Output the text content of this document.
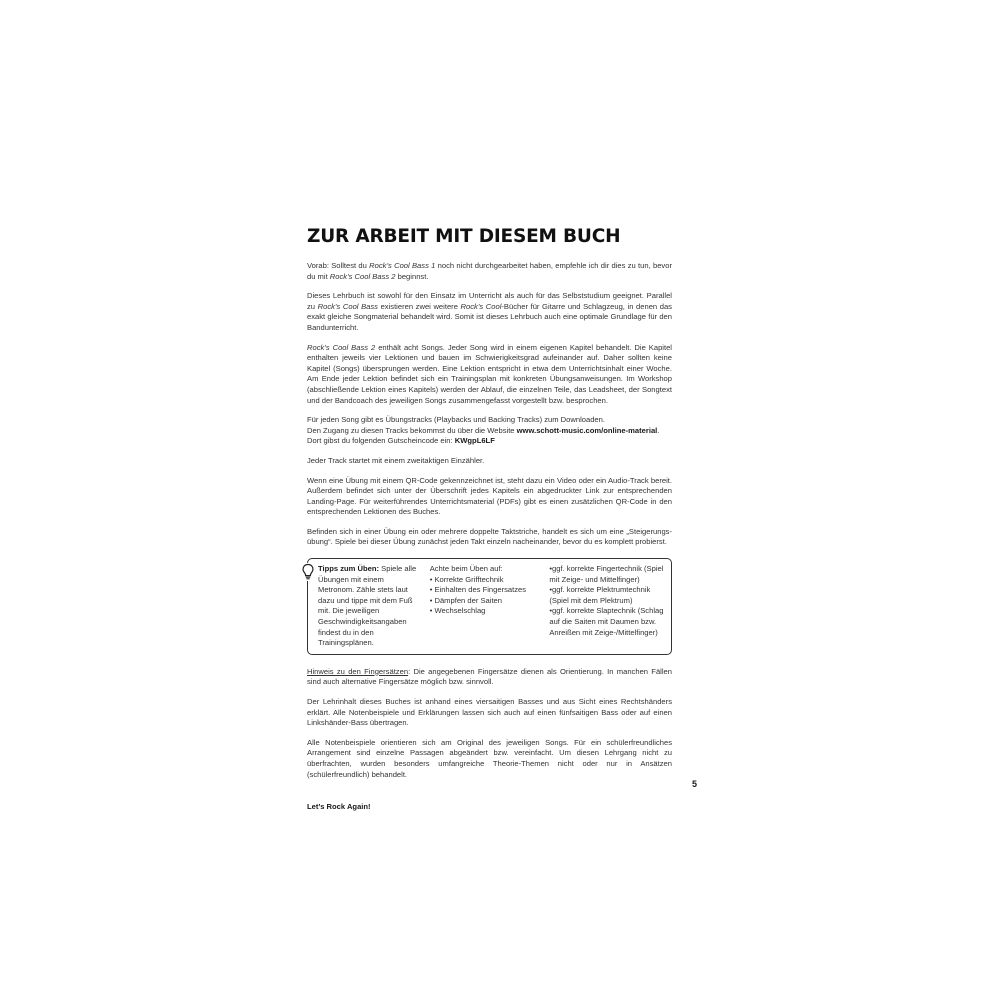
ZUR ARBEIT MIT DIESEM BUCH

Vorab: Solltest du Rock’s Cool Bass 1 noch nicht durchgearbeitet haben, empfehle ich dir dies zu tun, bevor du mit Rock’s Cool Bass 2 beginnst.

Dieses Lehrbuch ist sowohl für den Einsatz im Unterricht als auch für das Selbststudium geeignet. Parallel zu Rock’s Cool Bass existieren zwei weitere Rock’s Cool-Bücher für Gitarre und Schlagzeug, in denen das exakt gleiche Songmaterial behandelt wird. Somit ist dieses Lehrbuch auch eine optimale Grundlage für den Bandunterricht.

Rock’s Cool Bass 2 enthält acht Songs. Jeder Song wird in einem eigenen Kapitel behandelt. Die Kapitel enthalten jeweils vier Lektionen und bauen im Schwierigkeitsgrad aufeinander auf. Daher sollten keine Kapitel (Songs) übersprungen werden. Eine Lektion entspricht in etwa dem Unterrichtsinhalt einer Woche. Am Ende jeder Lektion befindet sich ein Trainingsplan mit konkreten Übungsanweisungen. Im Workshop (abschließende Lektion eines Kapitels) werden der Ablauf, die einzelnen Teile, das Leadsheet, der Songtext und der Bandcoach des jeweiligen Songs zusammengefasst vorgestellt bzw. besprochen.

Für jeden Song gibt es Übungstracks (Playbacks und Backing Tracks) zum Downloaden.
Den Zugang zu diesen Tracks bekommst du über die Website www.schott-music.com/online-material.
Dort gibst du folgenden Gutscheincode ein: KWgpL6LF

Jeder Track startet mit einem zweitaktigen Einzähler.

Wenn eine Übung mit einem QR-Code gekennzeichnet ist, steht dazu ein Video oder ein Audio-Track bereit. Außerdem befindet sich unter der Überschrift jedes Kapitels ein abgedruckter Link zur entsprechenden Landing-Page. Für weiterführendes Unterrichtsmaterial (PDFs) gibt es einen zusätzlichen QR-Code in den entsprechenden Lektionen des Buches.

Befinden sich in einer Übung ein oder mehrere doppelte Taktstriche, handelt es sich um eine „Steigerungs-übung“. Spiele bei dieser Übung zunächst jeden Takt einzeln nacheinander, bevor du es komplett probierst.

Tipps zum Üben: Spiele alle Übungen mit einem Metronom. Zähle stets laut dazu und tippe mit dem Fuß mit. Die jeweiligen Geschwindigkeitsangaben findest du in den Trainingsplänen.
Achte beim Üben auf:
• Korrekte Grifftechnik
• Einhalten des Fingersatzes
• Dämpfen der Saiten
• Wechselschlag
•ggf. korrekte Fingertechnik (Spiel mit Zeige- und Mittelfinger)
•ggf. korrekte Plektrumtechnik (Spiel mit dem Plektrum)
•ggf. korrekte Slaptechnik (Schlag auf die Saiten mit Daumen bzw. Anreißen mit Zeige-/Mittelfinger)

Hinweis zu den Fingersätzen: Die angegebenen Fingersätze dienen als Orientierung. In manchen Fällen sind auch alternative Fingersätze möglich bzw. sinnvoll.

Der Lehrinhalt dieses Buches ist anhand eines viersaitigen Basses und aus Sicht eines Rechtshänders erklärt. Alle Notenbeispiele und Erklärungen lassen sich auch auf einen fünfsaitigen Bass oder auf einen Linkshänder-Bass übertragen.

Alle Notenbeispiele orientieren sich am Original des jeweiligen Songs. Für ein schülerfreundliches Arrangement sind einzelne Passagen abgeändert bzw. vereinfacht. Um diesen Lehrgang nicht zu überfrachten, wurden besonders umfangreiche Theorie-Themen nicht oder nur in Ansätzen (schülerfreundlich) behandelt.

Let’s Rock Again!
5
